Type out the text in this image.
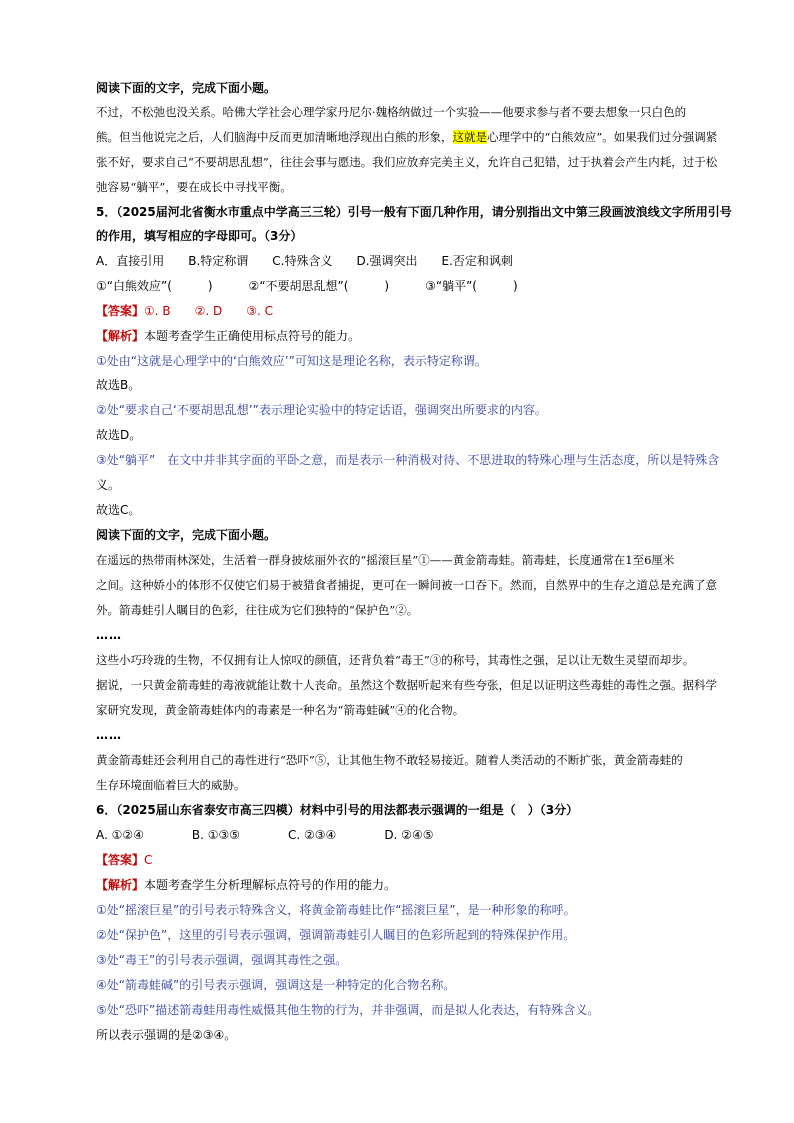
阅读下面的文字，完成下面小题。
不过，不松弛也没关系。哈佛大学社会心理学家丹尼尔·魏格纳做过一个实验——他要求参与者不要去想象一只白色的
熊。但当他说完之后，人们脑海中反而更加清晰地浮现出白熊的形象，这就是心理学中的“白熊效应”。如果我们过分强调紧
张不好，要求自己“不要胡思乱想”，往往会事与愿违。我们应放弃完美主义，允许自己犯错，过于执着会产生内耗，过于松
弛容易“躺平”，要在成长中寻找平衡。
5．（2025届河北省衡水市重点中学高三三轮）引号一般有下面几种作用，请分别指出文中第三段画波浪线文字所用引号
的作用，填写相应的字母即可。（3分）
A．直接引用　　B.特定称谓　　C.特殊含义　　D.强调突出　　E.否定和讽刺
①“白熊效应”(　　　)　　　②“不要胡思乱想”(　　　)　　　③“躺平”(　　　)
【答案】①. B　　②. D　　③. C
【解析】本题考查学生正确使用标点符号的能力。
①处由“这就是心理学中的‘白熊效应’”可知这是理论名称，表示特定称谓。
故选B。
②处“要求自己‘不要胡思乱想’”表示理论实验中的特定话语，强调突出所要求的内容。
故选D。
③处“躺平”　在文中并非其字面的平卧之意，而是表示一种消极对待、不思进取的特殊心理与生活态度，所以是特殊含
义。
故选C。
阅读下面的文字，完成下面小题。
在遥远的热带雨林深处，生活着一群身披炫丽外衣的“摇滚巨星”①——黄金箭毒蛙。箭毒蛙，长度通常在1至6厘米
之间。这种娇小的体形不仅使它们易于被猎食者捕捉，更可在一瞬间被一口吞下。然而，自然界中的生存之道总是充满了意
外。箭毒蛙引人瞩目的色彩，往往成为它们独特的“保护色”②。
……
这些小巧玲珑的生物，不仅拥有让人惊叹的颜值，还背负着“毒王”③的称号，其毒性之强，足以让无数生灵望而却步。
据说，一只黄金箭毒蛙的毒液就能让数十人丧命。虽然这个数据听起来有些夸张，但足以证明这些毒蛙的毒性之强。据科学
家研究发现，黄金箭毒蛙体内的毒素是一种名为“箭毒蛙碱”④的化合物。
……
黄金箭毒蛙还会利用自己的毒性进行“恐吓”⑤，让其他生物不敢轻易接近。随着人类活动的不断扩张，黄金箭毒蛙的
生存环境面临着巨大的威胁。
6．（2025届山东省泰安市高三四模）材料中引号的用法都表示强调的一组是（　）（3分）
A. ①②④　　　　B. ①③⑤　　　　C. ②③④　　　　D. ②④⑤
【答案】C
【解析】本题考查学生分析理解标点符号的作用的能力。
①处“摇滚巨星”的引号表示特殊含义，将黄金箭毒蛙比作“摇滚巨星”，是一种形象的称呼。
②处“保护色”，这里的引号表示强调，强调箭毒蛙引人瞩目的色彩所起到的特殊保护作用。
③处“毒王”的引号表示强调，强调其毒性之强。
④处“箭毒蛙碱”的引号表示强调，强调这是一种特定的化合物名称。
⑤处“恐吓”描述箭毒蛙用毒性威慑其他生物的行为，并非强调，而是拟人化表达，有特殊含义。
所以表示强调的是②③④。
